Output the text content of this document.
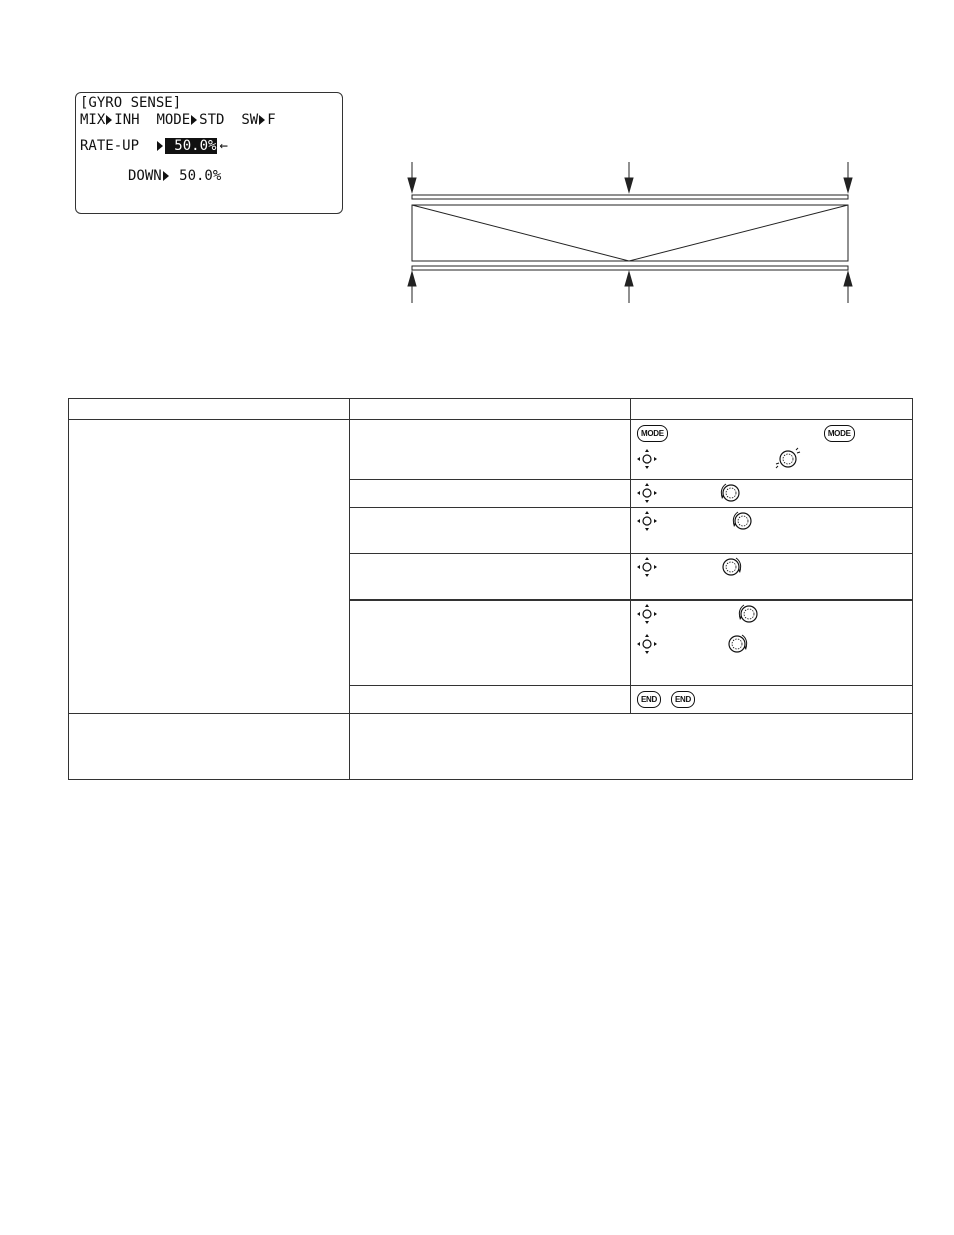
[GYRO SENSE]
MIX INH MODE STD SW F
RATE-UP   50.0% ←
DOWN 50.0%

MODE MODE

END END
